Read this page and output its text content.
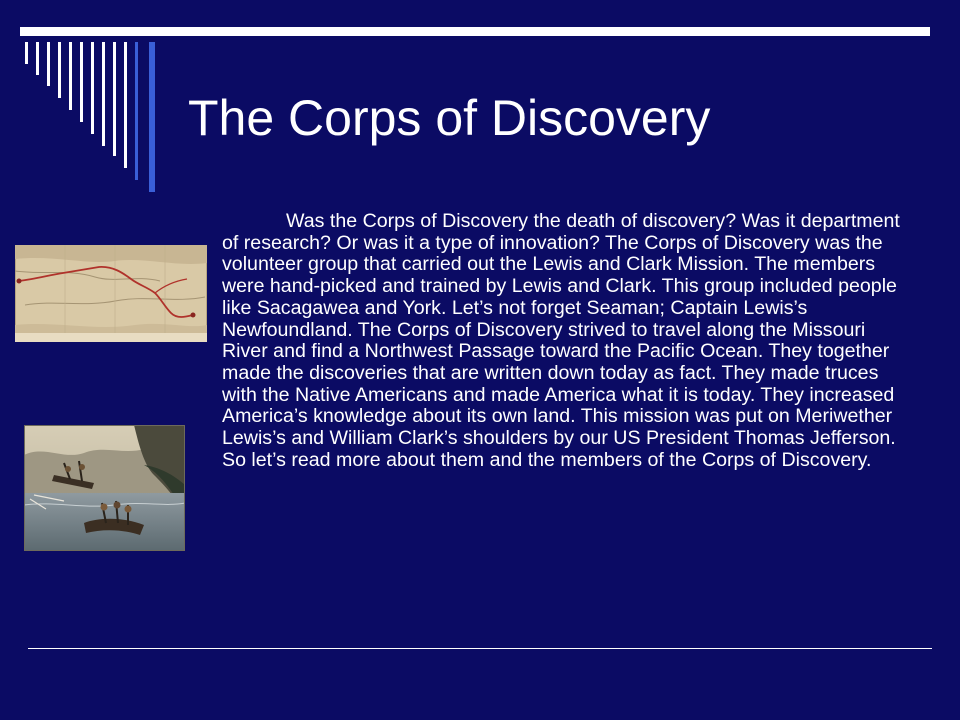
The Corps of Discovery

Was the Corps of Discovery the death of discovery? Was it department of research? Or was it a type of innovation? The Corps of Discovery was the volunteer group that carried out the Lewis and Clark Mission. The members were hand-picked and trained by Lewis and Clark. This group included people like Sacagawea and York. Let’s not forget Seaman; Captain Lewis’s Newfoundland. The Corps of Discovery strived to travel along the Missouri River and find a Northwest Passage toward the Pacific Ocean. They together made the discoveries that are written down today as fact. They made truces with the Native Americans and made America what it is today. They increased America’s knowledge about its own land. This mission was put on Meriwether Lewis’s and William Clark’s shoulders by our US President Thomas Jefferson. So let’s read more about them and the members of the Corps of Discovery.
